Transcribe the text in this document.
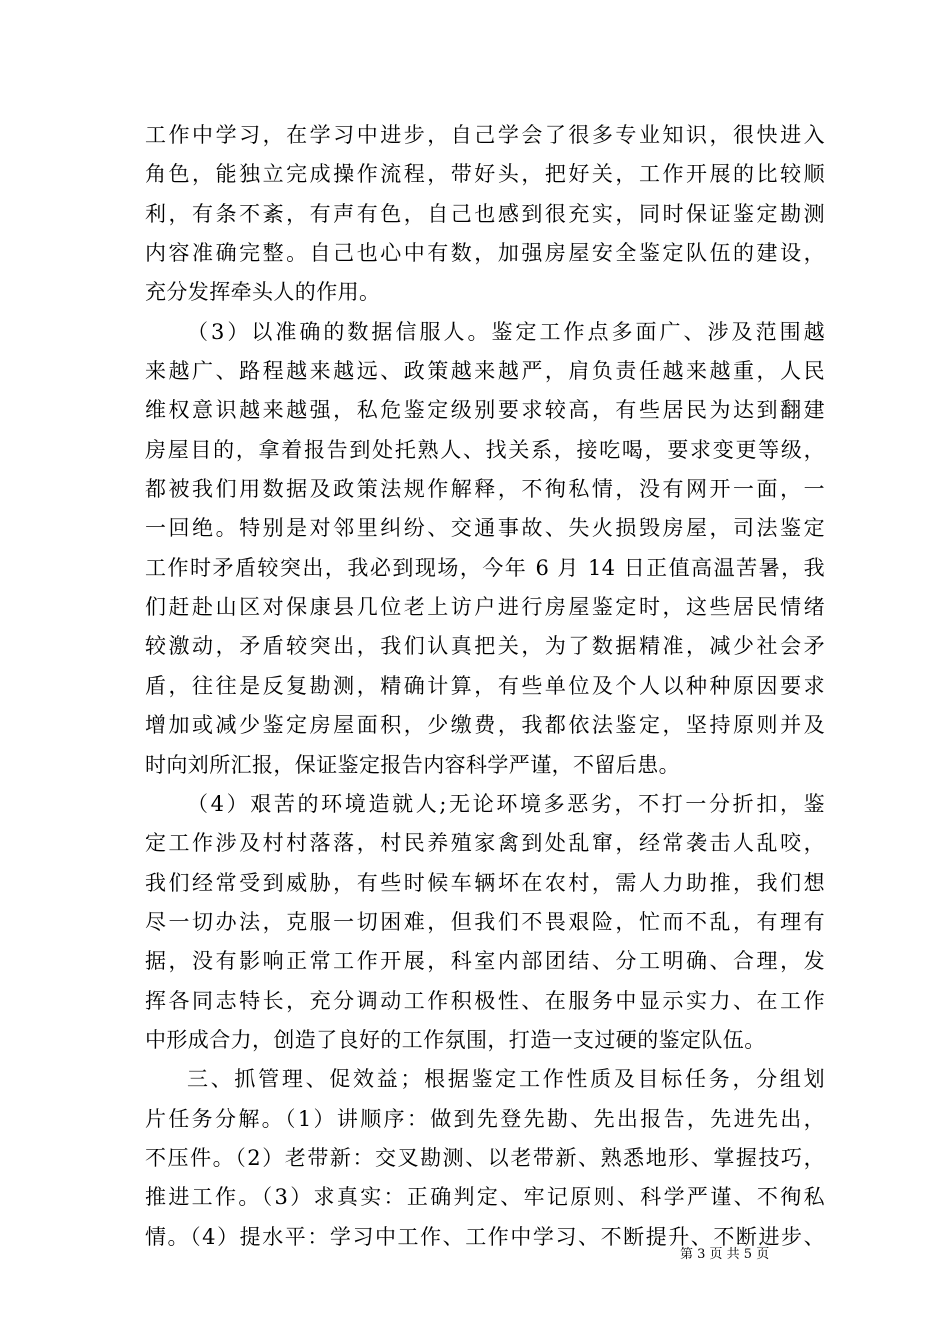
工作中学习，在学习中进步，自己学会了很多专业知识，很快进入
角色，能独立完成操作流程，带好头，把好关，工作开展的比较顺
利，有条不紊，有声有色，自己也感到很充实，同时保证鉴定勘测
内容准确完整。自己也心中有数，加强房屋安全鉴定队伍的建设，
充分发挥牵头人的作用。
（3）以准确的数据信服人。鉴定工作点多面广、涉及范围越
来越广、路程越来越远、政策越来越严，肩负责任越来越重，人民
维权意识越来越强，私危鉴定级别要求较高，有些居民为达到翻建
房屋目的，拿着报告到处托熟人、找关系，接吃喝，要求变更等级，
都被我们用数据及政策法规作解释，不徇私情，没有网开一面，一
一回绝。特别是对邻里纠纷、交通事故、失火损毁房屋，司法鉴定
工作时矛盾较突出，我必到现场，今年 6 月 14 日正值高温苦暑，我
们赶赴山区对保康县几位老上访户进行房屋鉴定时，这些居民情绪
较激动，矛盾较突出，我们认真把关，为了数据精准，减少社会矛
盾，往往是反复勘测，精确计算，有些单位及个人以种种原因要求
增加或减少鉴定房屋面积，少缴费，我都依法鉴定，坚持原则并及
时向刘所汇报，保证鉴定报告内容科学严谨，不留后患。
（4）艰苦的环境造就人;无论环境多恶劣，不打一分折扣，鉴
定工作涉及村村落落，村民养殖家禽到处乱窜，经常袭击人乱咬，
我们经常受到威胁，有些时候车辆坏在农村，需人力助推，我们想
尽一切办法，克服一切困难，但我们不畏艰险，忙而不乱，有理有
据，没有影响正常工作开展，科室内部团结、分工明确、合理，发
挥各同志特长，充分调动工作积极性、在服务中显示实力、在工作
中形成合力，创造了良好的工作氛围，打造一支过硬的鉴定队伍。
三、抓管理、促效益；根据鉴定工作性质及目标任务，分组划
片任务分解。（1）讲顺序：做到先登先勘、先出报告，先进先出，
不压件。（2）老带新：交叉勘测、以老带新、熟悉地形、掌握技巧，
推进工作。（3）求真实：正确判定、牢记原则、科学严谨、不徇私
情。（4）提水平：学习中工作、工作中学习、不断提升、不断进步、
第 3 页 共 5 页
